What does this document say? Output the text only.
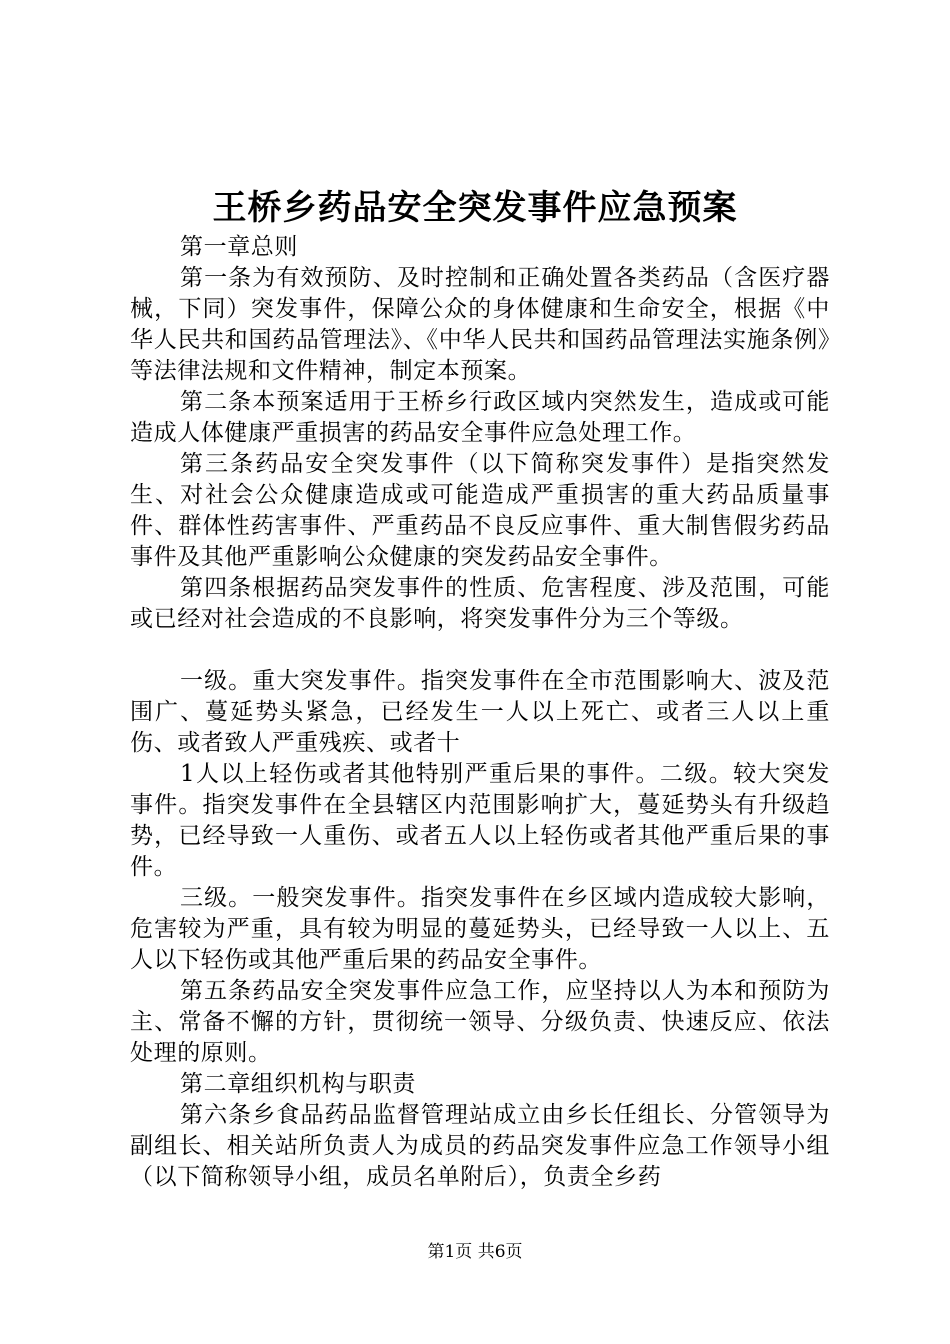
王桥乡药品安全突发事件应急预案

第一章总则

第一条为有效预防、及时控制和正确处置各类药品（含医疗器械，下同）突发事件，保障公众的身体健康和生命安全，根据《中华人民共和国药品管理法》、《中华人民共和国药品管理法实施条例》等法律法规和文件精神，制定本预案。

第二条本预案适用于王桥乡行政区域内突然发生，造成或可能造成人体健康严重损害的药品安全事件应急处理工作。

第三条药品安全突发事件（以下简称突发事件）是指突然发生、对社会公众健康造成或可能造成严重损害的重大药品质量事件、群体性药害事件、严重药品不良反应事件、重大制售假劣药品事件及其他严重影响公众健康的突发药品安全事件。

第四条根据药品突发事件的性质、危害程度、涉及范围，可能或已经对社会造成的不良影响，将突发事件分为三个等级。

一级。重大突发事件。指突发事件在全市范围影响大、波及范围广、蔓延势头紧急，已经发生一人以上死亡、或者三人以上重伤、或者致人严重残疾、或者十

1人以上轻伤或者其他特别严重后果的事件。二级。较大突发事件。指突发事件在全县辖区内范围影响扩大，蔓延势头有升级趋势，已经导致一人重伤、或者五人以上轻伤或者其他严重后果的事件。

三级。一般突发事件。指突发事件在乡区域内造成较大影响，危害较为严重，具有较为明显的蔓延势头，已经导致一人以上、五人以下轻伤或其他严重后果的药品安全事件。

第五条药品安全突发事件应急工作，应坚持以人为本和预防为主、常备不懈的方针，贯彻统一领导、分级负责、快速反应、依法处理的原则。

第二章组织机构与职责

第六条乡食品药品监督管理站成立由乡长任组长、分管领导为副组长、相关站所负责人为成员的药品突发事件应急工作领导小组（以下简称领导小组，成员名单附后），负责全乡药

第1页 共6页
